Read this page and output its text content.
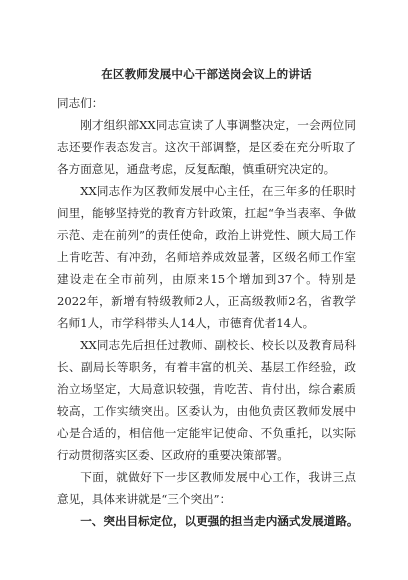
在区教师发展中心干部送岗会议上的讲话

同志们：

刚才组织部XX同志宣读了人事调整决定，一会两位同志还要作表态发言。这次干部调整，是区委在充分听取了各方面意见，通盘考虑，反复酝酿，慎重研究决定的。

XX同志作为区教师发展中心主任，在三年多的任职时间里，能够坚持党的教育方针政策，扛起“争当表率、争做示范、走在前列”的责任使命，政治上讲党性、顾大局工作上肯吃苦、有冲劲，名师培养成效显著，区级名师工作室建设走在全市前列，由原来15个增加到37个。特别是2022年，新增有特级教师2人，正高级教师2名，省教学名师1人，市学科带头人14人，市德育优者14人。

XX同志先后担任过教师、副校长、校长以及教育局科长、副局长等职务，有着丰富的机关、基层工作经验，政治立场坚定，大局意识较强，肯吃苦、肯付出，综合素质较高，工作实绩突出。区委认为，由他负责区教师发展中心是合适的，相信他一定能牢记使命、不负重托，以实际行动贯彻落实区委、区政府的重要决策部署。

下面，就做好下一步区教师发展中心工作，我讲三点意见，具体来讲就是“三个突出”：

一、突出目标定位，以更强的担当走内涵式发展道路。
